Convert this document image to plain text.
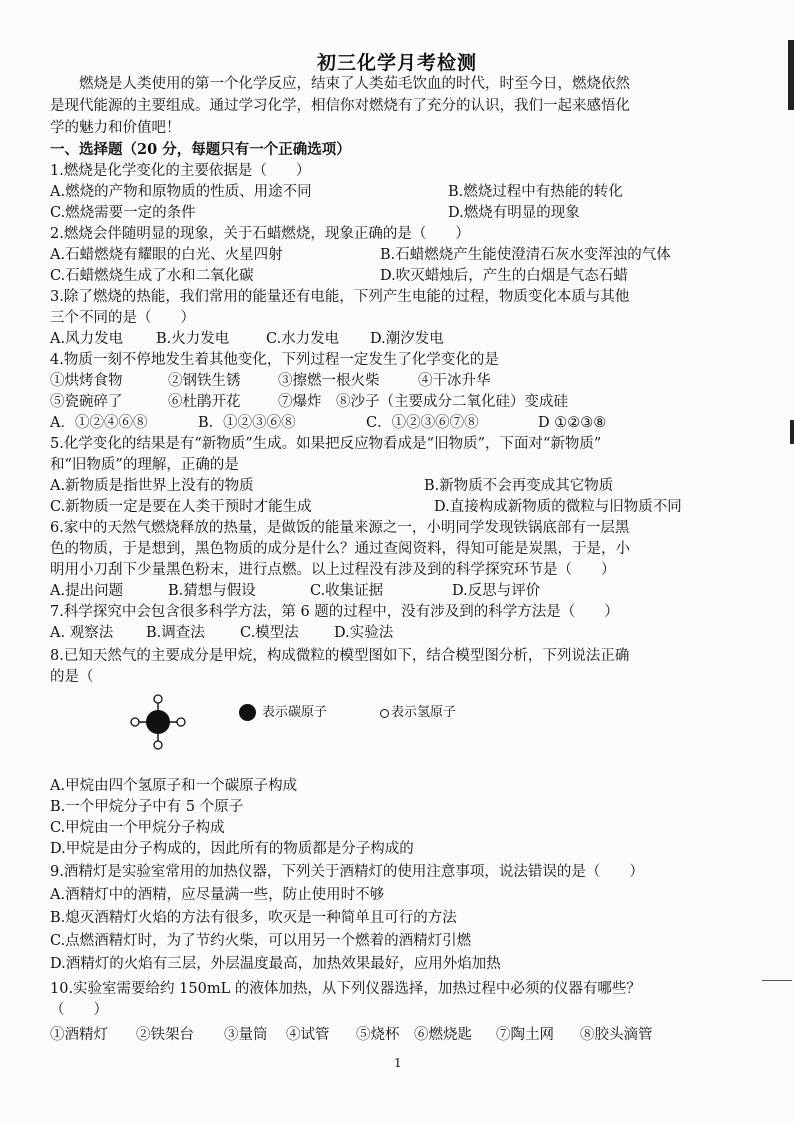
初三化学月考检测
　　燃烧是人类使用的第一个化学反应，结束了人类茹毛饮血的时代，时至今日，燃烧依然
是现代能源的主要组成。通过学习化学，相信你对燃烧有了充分的认识，我们一起来感悟化
学的魅力和价值吧！
一、选择题（20 分，每题只有一个正确选项）
1.燃烧是化学变化的主要依据是（　　）
A.燃烧的产物和原物质的性质、用途不同	B.燃烧过程中有热能的转化
C.燃烧需要一定的条件	D.燃烧有明显的现象
2.燃烧会伴随明显的现象，关于石蜡燃烧，现象正确的是（　　）
A.石蜡燃烧有耀眼的白光、火星四射	B.石蜡燃烧产生能使澄清石灰水变浑浊的气体
C.石蜡燃烧生成了水和二氧化碳	D.吹灭蜡烛后，产生的白烟是气态石蜡
3.除了燃烧的热能，我们常用的能量还有电能，下列产生电能的过程，物质变化本质与其他
三个不同的是（　　）
A.风力发电 B.火力发电	C.水力发电 D.潮汐发电
4.物质一刻不停地发生着其他变化，下列过程一定发生了化学变化的是
①烘烤食物	②钢铁生锈	③擦燃一根火柴	④干冰升华
⑤瓷碗碎了	⑥杜鹃开花	⑦爆炸 ⑧沙子（主要成分二氧化硅）变成硅
A．①②④⑥⑧	B．①②③⑥⑧	C．①②③⑥⑦⑧	D ①②③⑧
5.化学变化的结果是有“新物质”生成。如果把反应物看成是“旧物质”，下面对“新物质”
和“旧物质”的理解，正确的是
A.新物质是指世界上没有的物质	B.新物质不会再变成其它物质
C.新物质一定是要在人类干预时才能生成	D.直接构成新物质的微粒与旧物质不同
6.家中的天然气燃烧释放的热量，是做饭的能量来源之一，小明同学发现铁锅底部有一层黑
色的物质，于是想到，黑色物质的成分是什么？通过查阅资料，得知可能是炭黑，于是，小
明用小刀刮下少量黑色粉末，进行点燃。以上过程没有涉及到的科学探究环节是（　　）
A.提出问题	B.猜想与假设	C.收集证据	D.反思与评价
7.科学探究中会包含很多科学方法，第 6 题的过程中，没有涉及到的科学方法是（　　）
A. 观察法 B.调查法 C.模型法 D.实验法
8.已知天然气的主要成分是甲烷，构成微粒的模型图如下，结合模型图分析，下列说法正确
的是（
表示碳原子	表示氢原子
A.甲烷由四个氢原子和一个碳原子构成
B.一个甲烷分子中有 5 个原子
C.甲烷由一个甲烷分子构成
D.甲烷是由分子构成的，因此所有的物质都是分子构成的
9.酒精灯是实验室常用的加热仪器，下列关于酒精灯的使用注意事项，说法错误的是（　　）
A.酒精灯中的酒精，应尽量满一些，防止使用时不够
B.熄灭酒精灯火焰的方法有很多，吹灭是一种简单且可行的方法
C.点燃酒精灯时，为了节约火柴，可以用另一个燃着的酒精灯引燃
D.酒精灯的火焰有三层，外层温度最高，加热效果最好，应用外焰加热
10.实验室需要给约 150mL 的液体加热，从下列仪器选择，加热过程中必须的仪器有哪些？
（　　）
①酒精灯 ②铁架台 ③量筒 ④试管 ⑤烧杯 ⑥燃烧匙 ⑦陶土网 ⑧胶头滴管
1
